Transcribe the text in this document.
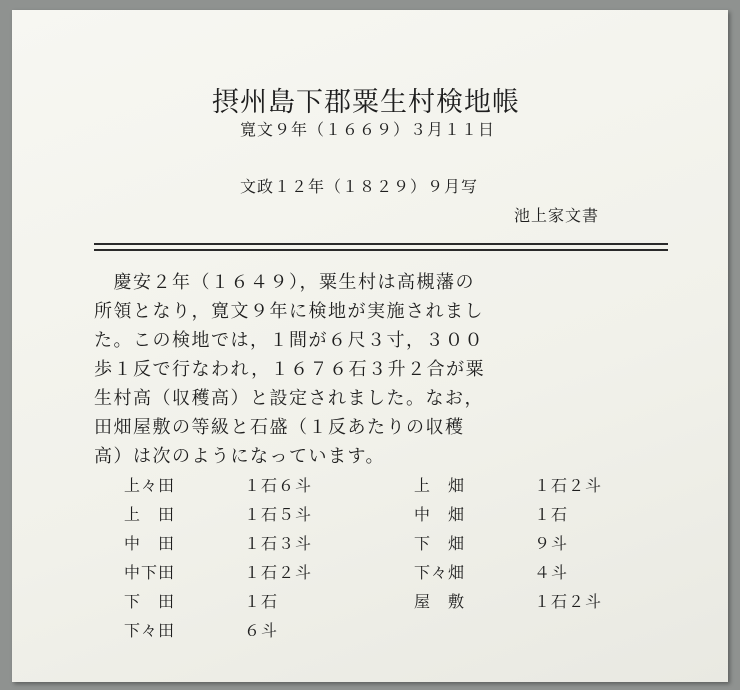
摂州島下郡粟生村検地帳
寛文９年（１６６９）３月１１日
文政１２年（１８２９）９月写
池上家文書

　慶安２年（１６４９），粟生村は高槻藩の

所領となり，寛文９年に検地が実施されまし

た。この検地では，１間が６尺３寸，３００

歩１反で行なわれ，１６７６石３升２合が粟

生村高（収穫高）と設定されました。なお，

田畑屋敷の等級と石盛（１反あたりの収穫

高）は次のようになっています。

上々田	１石６斗	上　畑	１石２斗
上　田	１石５斗	中　畑	１石
中　田	１石３斗	下　畑	９斗
中下田	１石２斗	下々畑	４斗
下　田	１石	屋　敷	１石２斗
下々田	６斗
